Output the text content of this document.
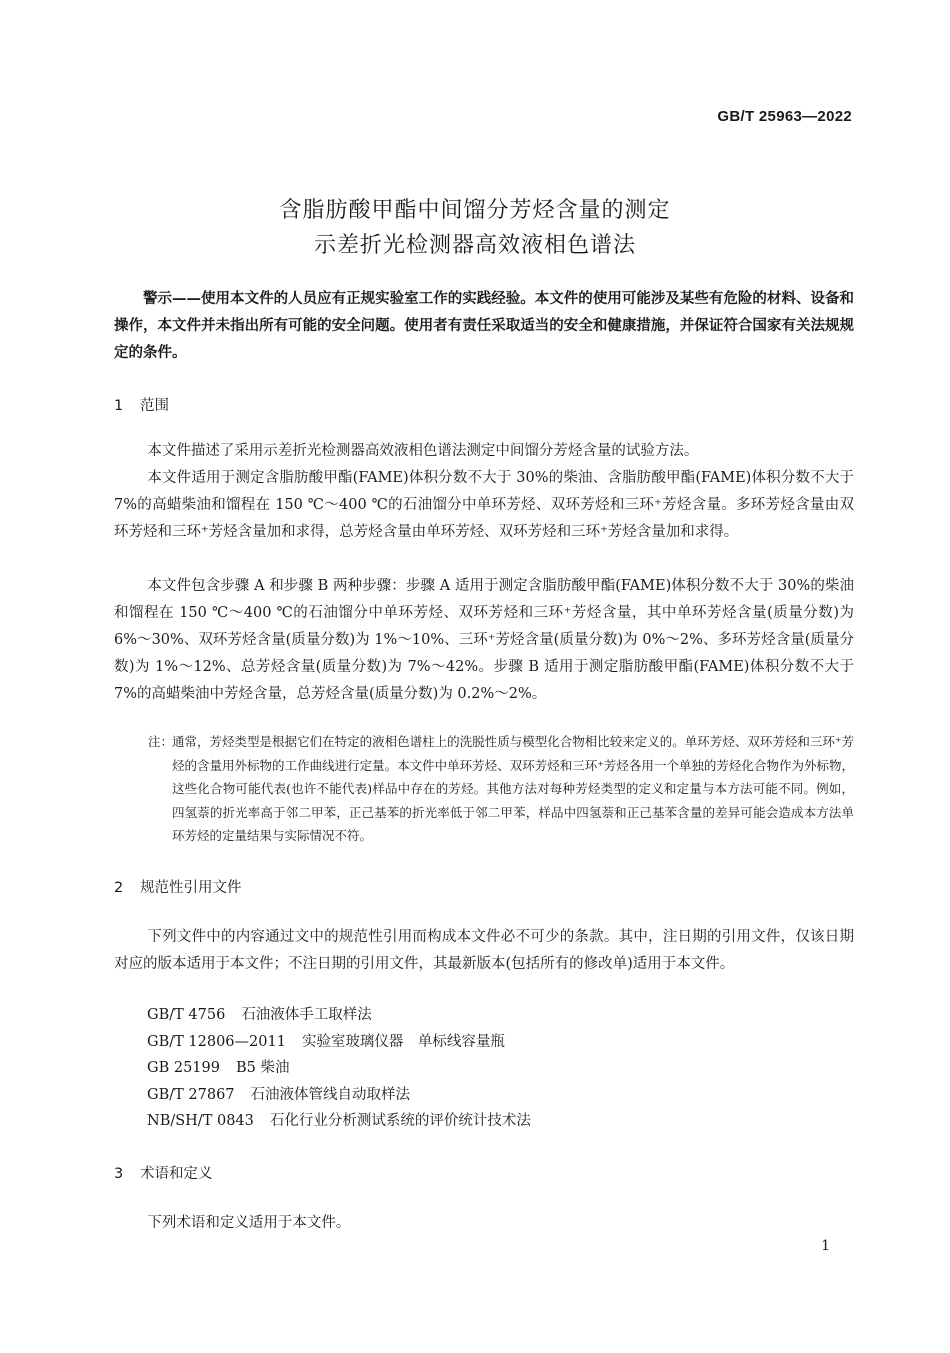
GB/T 25963—2022
含脂肪酸甲酯中间馏分芳烃含量的测定
示差折光检测器高效液相色谱法
警示——使用本文件的人员应有正规实验室工作的实践经验。本文件的使用可能涉及某些有危险的材料、设备和操作，本文件并未指出所有可能的安全问题。使用者有责任采取适当的安全和健康措施，并保证符合国家有关法规规定的条件。
1 范围

本文件描述了采用示差折光检测器高效液相色谱法测定中间馏分芳烃含量的试验方法。

本文件适用于测定含脂肪酸甲酯(FAME)体积分数不大于 30%的柴油、含脂肪酸甲酯(FAME)体积分数不大于 7%的高蜡柴油和馏程在 150 ℃～400 ℃的石油馏分中单环芳烃、双环芳烃和三环⁺芳烃含量。多环芳烃含量由双环芳烃和三环⁺芳烃含量加和求得，总芳烃含量由单环芳烃、双环芳烃和三环⁺芳烃含量加和求得。

本文件包含步骤 A 和步骤 B 两种步骤：步骤 A 适用于测定含脂肪酸甲酯(FAME)体积分数不大于 30%的柴油和馏程在 150 ℃～400 ℃的石油馏分中单环芳烃、双环芳烃和三环⁺芳烃含量，其中单环芳烃含量(质量分数)为 6%～30%、双环芳烃含量(质量分数)为 1%～10%、三环⁺芳烃含量(质量分数)为 0%～2%、多环芳烃含量(质量分数)为 1%～12%、总芳烃含量(质量分数)为 7%～42%。步骤 B 适用于测定脂肪酸甲酯(FAME)体积分数不大于 7%的高蜡柴油中芳烃含量，总芳烃含量(质量分数)为 0.2%～2%。

注：
通常，芳烃类型是根据它们在特定的液相色谱柱上的洗脱性质与模型化合物相比较来定义的。单环芳烃、双环芳烃和三环⁺芳烃的含量用外标物的工作曲线进行定量。本文件中单环芳烃、双环芳烃和三环⁺芳烃各用一个单独的芳烃化合物作为外标物，这些化合物可能代表(也许不能代表)样品中存在的芳烃。其他方法对每种芳烃类型的定义和定量与本方法可能不同。例如，四氢萘的折光率高于邻二甲苯，正己基苯的折光率低于邻二甲苯，样品中四氢萘和正己基苯含量的差异可能会造成本方法单环芳烃的定量结果与实际情况不符。
2 规范性引用文件

下列文件中的内容通过文中的规范性引用而构成本文件必不可少的条款。其中，注日期的引用文件，仅该日期对应的版本适用于本文件；不注日期的引用文件，其最新版本(包括所有的修改单)适用于本文件。

GB/T 4756 石油液体手工取样法
GB/T 12806—2011 实验室玻璃仪器　单标线容量瓶
GB 25199 B5 柴油
GB/T 27867 石油液体管线自动取样法
NB/SH/T 0843 石化行业分析测试系统的评价统计技术法
3 术语和定义

下列术语和定义适用于本文件。

1
